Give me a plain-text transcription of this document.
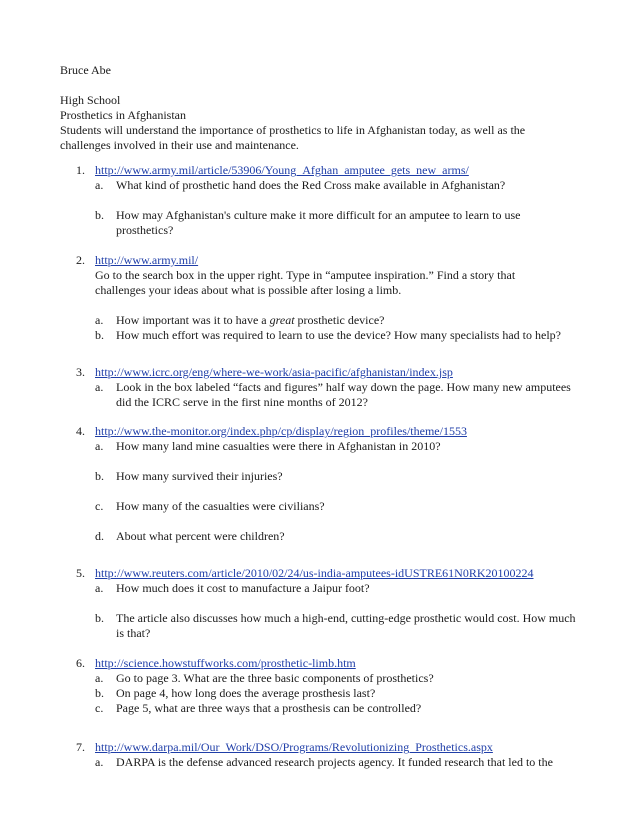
Bruce Abe
High School
Prosthetics in Afghanistan
Students will understand the importance of prosthetics to life in Afghanistan today, as well as the challenges involved in their use and maintenance.
1. http://www.army.mil/article/53906/Young_Afghan_amputee_gets_new_arms/
a. What kind of prosthetic hand does the Red Cross make available in Afghanistan?
b. How may Afghanistan's culture make it more difficult for an amputee to learn to use prosthetics?
2. http://www.army.mil/
Go to the search box in the upper right. Type in “amputee inspiration.” Find a story that challenges your ideas about what is possible after losing a limb.
a. How important was it to have a great prosthetic device?
b. How much effort was required to learn to use the device? How many specialists had to help?
3. http://www.icrc.org/eng/where-we-work/asia-pacific/afghanistan/index.jsp
a. Look in the box labeled “facts and figures” half way down the page. How many new amputees did the ICRC serve in the first nine months of 2012?
4. http://www.the-monitor.org/index.php/cp/display/region_profiles/theme/1553
a. How many land mine casualties were there in Afghanistan in 2010?
b. How many survived their injuries?
c. How many of the casualties were civilians?
d. About what percent were children?
5. http://www.reuters.com/article/2010/02/24/us-india-amputees-idUSTRE61N0RK20100224
a. How much does it cost to manufacture a Jaipur foot?
b. The article also discusses how much a high-end, cutting-edge prosthetic would cost. How much is that?
6. http://science.howstuffworks.com/prosthetic-limb.htm
a. Go to page 3. What are the three basic components of prosthetics?
b. On page 4, how long does the average prosthesis last?
c. Page 5, what are three ways that a prosthesis can be controlled?
7. http://www.darpa.mil/Our_Work/DSO/Programs/Revolutionizing_Prosthetics.aspx
a. DARPA is the defense advanced research projects agency. It funded research that led to the
